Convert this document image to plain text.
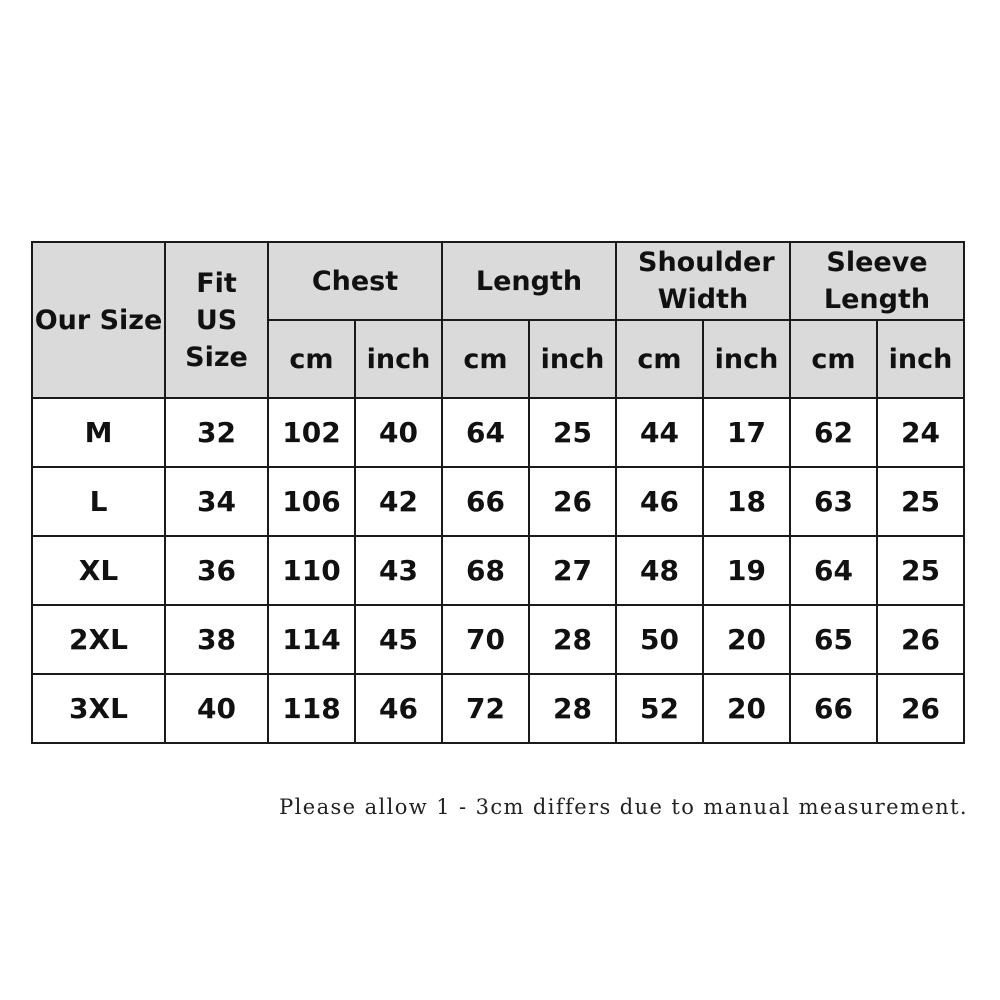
Our Size	Fit US Size	Chest		Length		Shoulder Width		Sleeve Length	
		cm	inch	cm	inch	cm	inch	cm	inch
M	32	102	40	64	25	44	17	62	24
L	34	106	42	66	26	46	18	63	25
XL	36	110	43	68	27	48	19	64	25
2XL	38	114	45	70	28	50	20	65	26
3XL	40	118	46	72	28	52	20	66	26
Please allow 1 - 3cm differs due to manual measurement.
